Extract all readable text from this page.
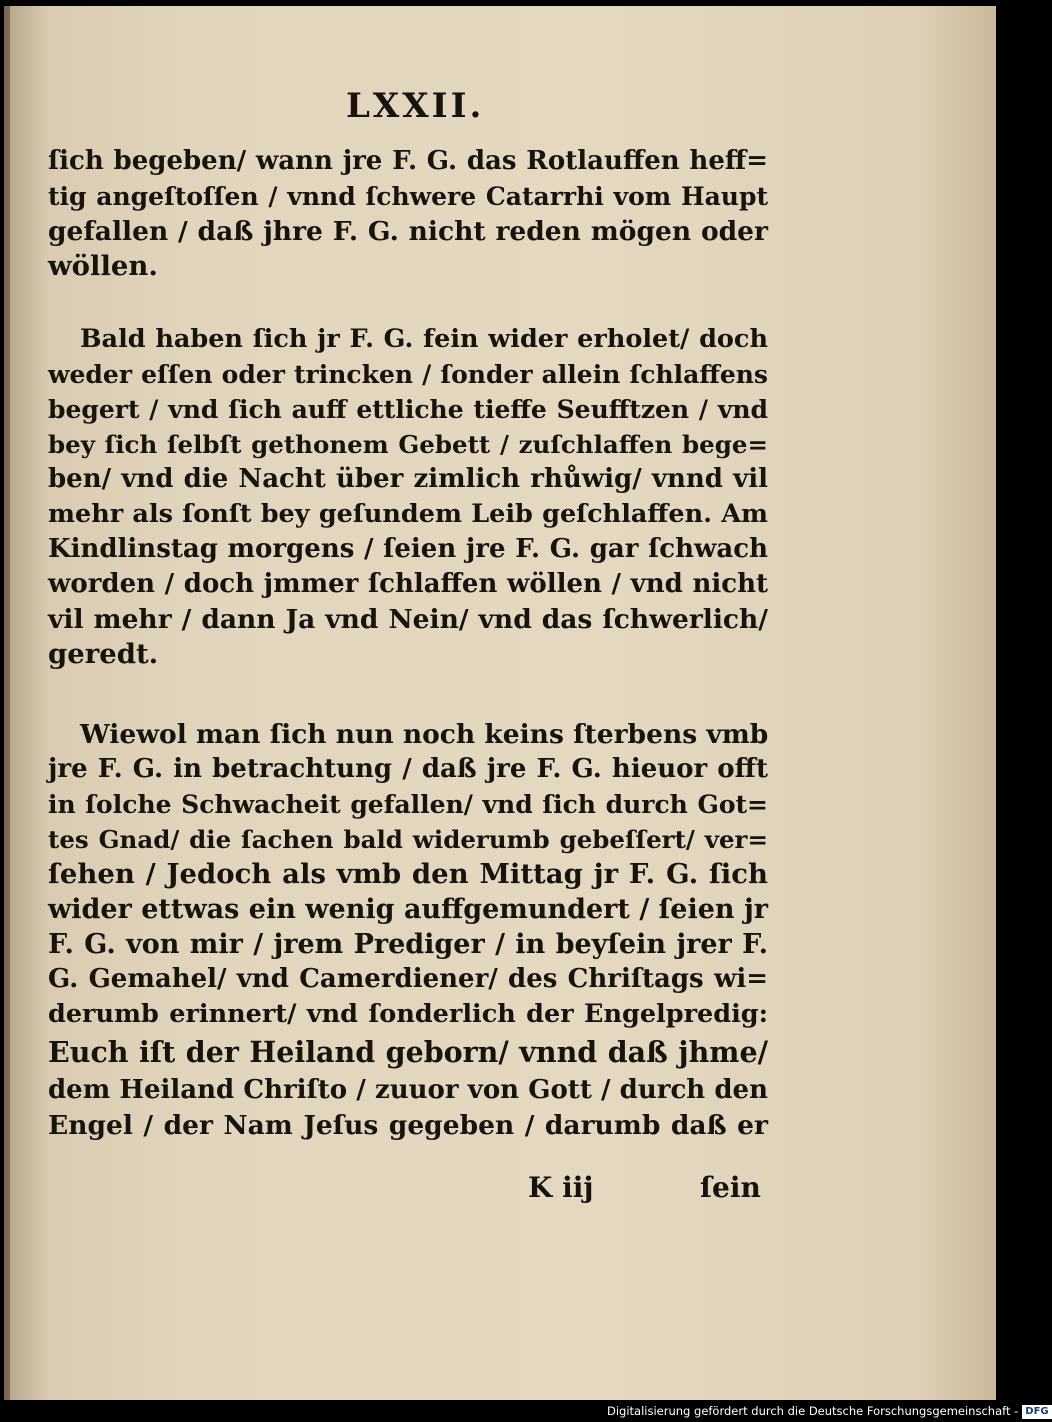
LXXII.
ſich begeben/ wann jre F. G. das Rotlauffen heff=
tig angeſtoſſen / vnnd ſchwere Catarrhi vom Haupt
gefallen / daß jhre F. G. nicht reden mögen oder
wöllen.
Bald haben ſich jr F. G. fein wider erholet/ doch
weder eſſen oder trincken / ſonder allein ſchlaffens
begert / vnd ſich auff ettliche tieffe Seufftzen / vnd
bey ſich ſelbſt gethonem Gebett / zuſchlaffen bege=
ben/ vnd die Nacht über zimlich rhůwig/ vnnd vil
mehr als ſonſt bey geſundem Leib geſchlaffen. Am
Kindlinstag morgens / ſeien jre F. G. gar ſchwach
worden / doch jmmer ſchlaffen wöllen / vnd nicht
vil mehr / dann Ja vnd Nein/ vnd das ſchwerlich/
geredt.
Wiewol man ſich nun noch keins ſterbens vmb
jre F. G. in betrachtung / daß jre F. G. hieuor offt
in ſolche Schwacheit gefallen/ vnd ſich durch Got=
tes Gnad/ die ſachen bald widerumb gebeſſert/ ver=
ſehen / Jedoch als vmb den Mittag jr F. G. ſich
wider ettwas ein wenig auffgemundert / ſeien jr
F. G. von mir / jrem Prediger / in beyſein jrer F.
G. Gemahel/ vnd Camerdiener/ des Chriſtags wi=
derumb erinnert/ vnd ſonderlich der Engelpredig:
Euch iſt der Heiland geborn/ vnnd daß jhme/
dem Heiland Chriſto / zuuor von Gott / durch den
Engel / der Nam Jeſus gegeben / darumb daß er
K iij	ſein
Digitalisierung gefördert durch die Deutsche Forschungsgemeinschaft - DFG
